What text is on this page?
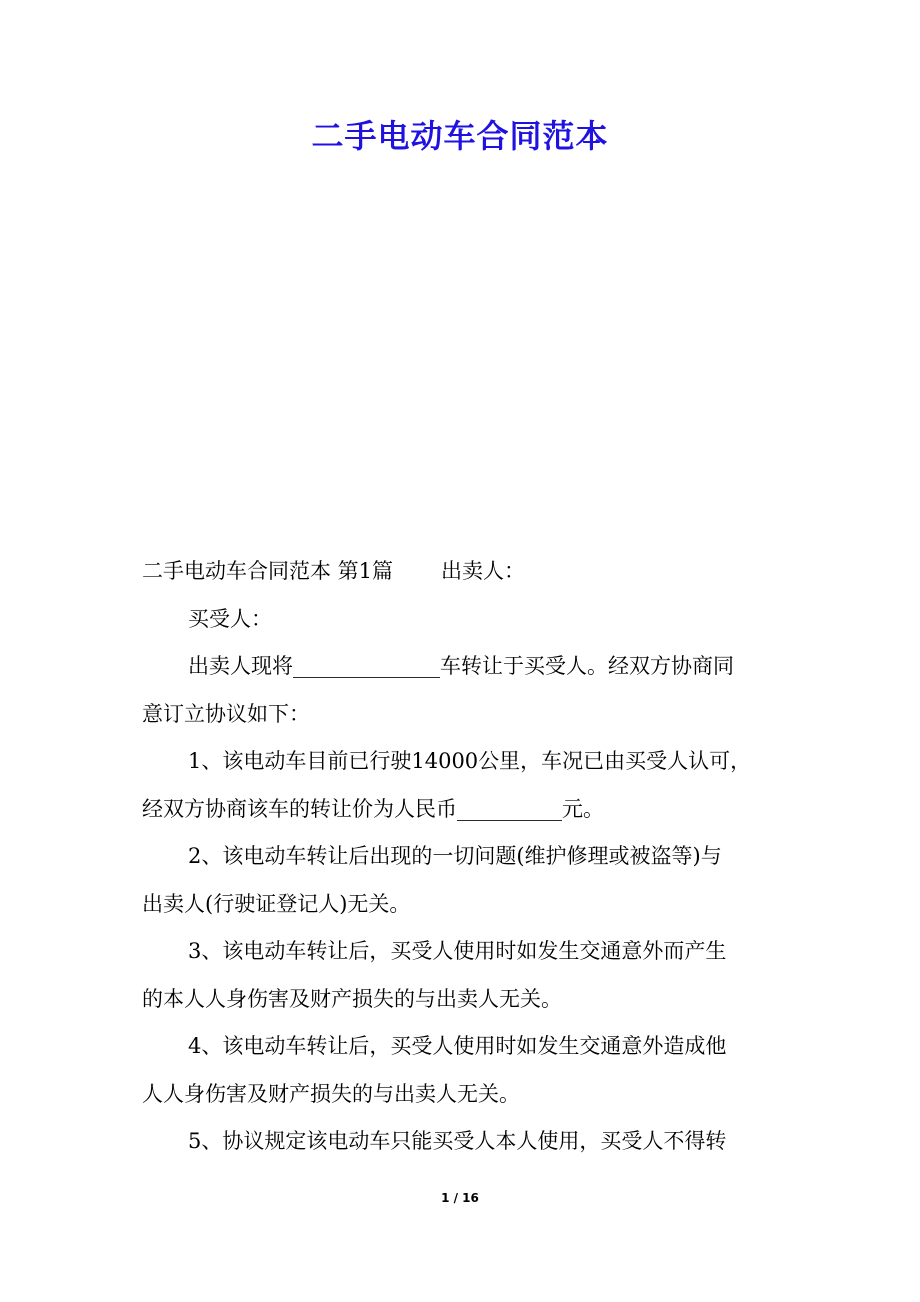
二手电动车合同范本

二手电动车合同范本 第1篇 出卖人：

买受人：

出卖人现将______________车转让于买受人。经双方协商同

意订立协议如下：

1、该电动车目前已行驶14000公里，车况已由买受人认可，

经双方协商该车的转让价为人民币__________元。

2、该电动车转让后出现的一切问题(维护修理或被盗等)与

出卖人(行驶证登记人)无关。

3、该电动车转让后，买受人使用时如发生交通意外而产生

的本人人身伤害及财产损失的与出卖人无关。

4、该电动车转让后，买受人使用时如发生交通意外造成他

人人身伤害及财产损失的与出卖人无关。

5、协议规定该电动车只能买受人本人使用，买受人不得转

1 / 16
